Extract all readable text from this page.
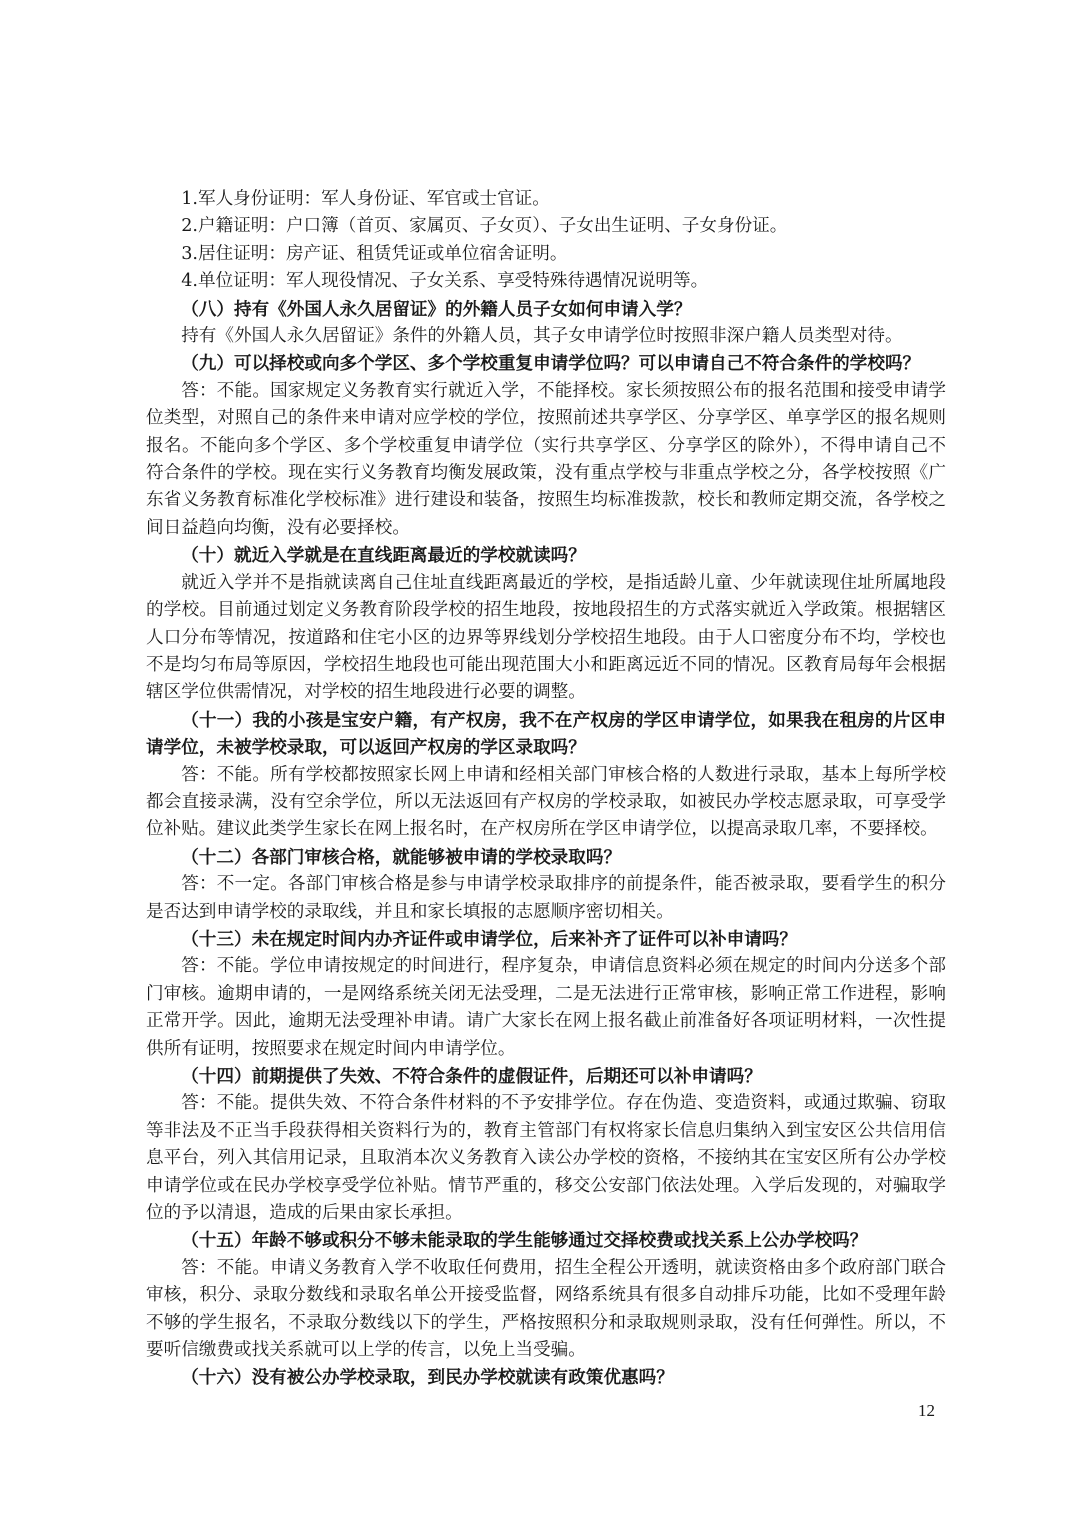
1.军人身份证明：军人身份证、军官或士官证。

2.户籍证明：户口簿（首页、家属页、子女页）、子女出生证明、子女身份证。

3.居住证明：房产证、租赁凭证或单位宿舍证明。

4.单位证明：军人现役情况、子女关系、享受特殊待遇情况说明等。

（八）持有《外国人永久居留证》的外籍人员子女如何申请入学？

持有《外国人永久居留证》条件的外籍人员，其子女申请学位时按照非深户籍人员类型对待。

（九）可以择校或向多个学区、多个学校重复申请学位吗？可以申请自己不符合条件的学校吗？

答：不能。国家规定义务教育实行就近入学，不能择校。家长须按照公布的报名范围和接受申请学位类型，对照自己的条件来申请对应学校的学位，按照前述共享学区、分享学区、单享学区的报名规则报名。不能向多个学区、多个学校重复申请学位（实行共享学区、分享学区的除外），不得申请自己不符合条件的学校。现在实行义务教育均衡发展政策，没有重点学校与非重点学校之分，各学校按照《广东省义务教育标准化学校标准》进行建设和装备，按照生均标准拨款，校长和教师定期交流，各学校之间日益趋向均衡，没有必要择校。

（十）就近入学就是在直线距离最近的学校就读吗？

就近入学并不是指就读离自己住址直线距离最近的学校，是指适龄儿童、少年就读现住址所属地段的学校。目前通过划定义务教育阶段学校的招生地段，按地段招生的方式落实就近入学政策。根据辖区人口分布等情况，按道路和住宅小区的边界等界线划分学校招生地段。由于人口密度分布不均，学校也不是均匀布局等原因，学校招生地段也可能出现范围大小和距离远近不同的情况。区教育局每年会根据辖区学位供需情况，对学校的招生地段进行必要的调整。

（十一）我的小孩是宝安户籍，有产权房，我不在产权房的学区申请学位，如果我在租房的片区申请学位，未被学校录取，可以返回产权房的学区录取吗？

答：不能。所有学校都按照家长网上申请和经相关部门审核合格的人数进行录取，基本上每所学校都会直接录满，没有空余学位，所以无法返回有产权房的学校录取，如被民办学校志愿录取，可享受学位补贴。建议此类学生家长在网上报名时，在产权房所在学区申请学位，以提高录取几率，不要择校。

（十二）各部门审核合格，就能够被申请的学校录取吗？

答：不一定。各部门审核合格是参与申请学校录取排序的前提条件，能否被录取，要看学生的积分是否达到申请学校的录取线，并且和家长填报的志愿顺序密切相关。

（十三）未在规定时间内办齐证件或申请学位，后来补齐了证件可以补申请吗？

答：不能。学位申请按规定的时间进行，程序复杂，申请信息资料必须在规定的时间内分送多个部门审核。逾期申请的，一是网络系统关闭无法受理，二是无法进行正常审核，影响正常工作进程，影响正常开学。因此，逾期无法受理补申请。请广大家长在网上报名截止前准备好各项证明材料，一次性提供所有证明，按照要求在规定时间内申请学位。

（十四）前期提供了失效、不符合条件的虚假证件，后期还可以补申请吗？

答：不能。提供失效、不符合条件材料的不予安排学位。存在伪造、变造资料，或通过欺骗、窃取等非法及不正当手段获得相关资料行为的，教育主管部门有权将家长信息归集纳入到宝安区公共信用信息平台，列入其信用记录，且取消本次义务教育入读公办学校的资格，不接纳其在宝安区所有公办学校申请学位或在民办学校享受学位补贴。情节严重的，移交公安部门依法处理。入学后发现的，对骗取学位的予以清退，造成的后果由家长承担。

（十五）年龄不够或积分不够未能录取的学生能够通过交择校费或找关系上公办学校吗？

答：不能。申请义务教育入学不收取任何费用，招生全程公开透明，就读资格由多个政府部门联合审核，积分、录取分数线和录取名单公开接受监督，网络系统具有很多自动排斥功能，比如不受理年龄不够的学生报名，不录取分数线以下的学生，严格按照积分和录取规则录取，没有任何弹性。所以，不要听信缴费或找关系就可以上学的传言，以免上当受骗。

（十六）没有被公办学校录取，到民办学校就读有政策优惠吗？

12
